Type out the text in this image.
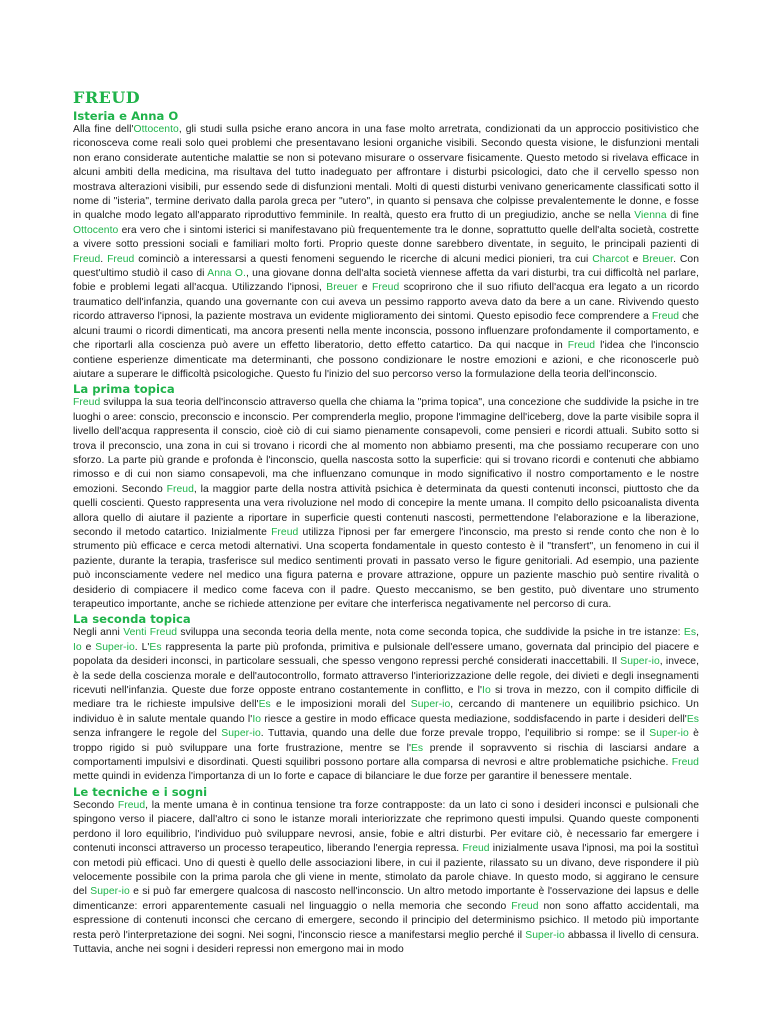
FREUD
Isteria e Anna O

Alla fine dell'Ottocento, gli studi sulla psiche erano ancora in una fase molto arretrata, condizionati da un approccio positivistico che riconosceva come reali solo quei problemi che presentavano lesioni organiche visibili. Secondo questa visione, le disfunzioni mentali non erano considerate autentiche malattie se non si potevano misurare o osservare fisicamente. Questo metodo si rivelava efficace in alcuni ambiti della medicina, ma risultava del tutto inadeguato per affrontare i disturbi psicologici, dato che il cervello spesso non mostrava alterazioni visibili, pur essendo sede di disfunzioni mentali. Molti di questi disturbi venivano genericamente classificati sotto il nome di "isteria", termine derivato dalla parola greca per "utero", in quanto si pensava che colpisse prevalentemente le donne, e fosse in qualche modo legato all'apparato riproduttivo femminile. In realtà, questo era frutto di un pregiudizio, anche se nella Vienna di fine Ottocento era vero che i sintomi isterici si manifestavano più frequentemente tra le donne, soprattutto quelle dell'alta società, costrette a vivere sotto pressioni sociali e familiari molto forti. Proprio queste donne sarebbero diventate, in seguito, le principali pazienti di Freud. Freud cominciò a interessarsi a questi fenomeni seguendo le ricerche di alcuni medici pionieri, tra cui Charcot e Breuer. Con quest'ultimo studiò il caso di Anna O., una giovane donna dell'alta società viennese affetta da vari disturbi, tra cui difficoltà nel parlare, fobie e problemi legati all'acqua. Utilizzando l'ipnosi, Breuer e Freud scoprirono che il suo rifiuto dell'acqua era legato a un ricordo traumatico dell'infanzia, quando una governante con cui aveva un pessimo rapporto aveva dato da bere a un cane. Rivivendo questo ricordo attraverso l'ipnosi, la paziente mostrava un evidente miglioramento dei sintomi. Questo episodio fece comprendere a Freud che alcuni traumi o ricordi dimenticati, ma ancora presenti nella mente inconscia, possono influenzare profondamente il comportamento, e che riportarli alla coscienza può avere un effetto liberatorio, detto effetto catartico. Da qui nacque in Freud l'idea che l'inconscio contiene esperienze dimenticate ma determinanti, che possono condizionare le nostre emozioni e azioni, e che riconoscerle può aiutare a superare le difficoltà psicologiche. Questo fu l'inizio del suo percorso verso la formulazione della teoria dell'inconscio.

La prima topica

Freud sviluppa la sua teoria dell'inconscio attraverso quella che chiama la "prima topica", una concezione che suddivide la psiche in tre luoghi o aree: conscio, preconscio e inconscio. Per comprenderla meglio, propone l'immagine dell'iceberg, dove la parte visibile sopra il livello dell'acqua rappresenta il conscio, cioè ciò di cui siamo pienamente consapevoli, come pensieri e ricordi attuali. Subito sotto si trova il preconscio, una zona in cui si trovano i ricordi che al momento non abbiamo presenti, ma che possiamo recuperare con uno sforzo. La parte più grande e profonda è l'inconscio, quella nascosta sotto la superficie: qui si trovano ricordi e contenuti che abbiamo rimosso e di cui non siamo consapevoli, ma che influenzano comunque in modo significativo il nostro comportamento e le nostre emozioni. Secondo Freud, la maggior parte della nostra attività psichica è determinata da questi contenuti inconsci, piuttosto che da quelli coscienti. Questo rappresenta una vera rivoluzione nel modo di concepire la mente umana. Il compito dello psicoanalista diventa allora quello di aiutare il paziente a riportare in superficie questi contenuti nascosti, permettendone l'elaborazione e la liberazione, secondo il metodo catartico. Inizialmente Freud utilizza l'ipnosi per far emergere l'inconscio, ma presto si rende conto che non è lo strumento più efficace e cerca metodi alternativi. Una scoperta fondamentale in questo contesto è il "transfert", un fenomeno in cui il paziente, durante la terapia, trasferisce sul medico sentimenti provati in passato verso le figure genitoriali. Ad esempio, una paziente può inconsciamente vedere nel medico una figura paterna e provare attrazione, oppure un paziente maschio può sentire rivalità o desiderio di compiacere il medico come faceva con il padre. Questo meccanismo, se ben gestito, può diventare uno strumento terapeutico importante, anche se richiede attenzione per evitare che interferisca negativamente nel percorso di cura.

La seconda topica

Negli anni Venti Freud sviluppa una seconda teoria della mente, nota come seconda topica, che suddivide la psiche in tre istanze: Es, Io e Super-io. L'Es rappresenta la parte più profonda, primitiva e pulsionale dell'essere umano, governata dal principio del piacere e popolata da desideri inconsci, in particolare sessuali, che spesso vengono repressi perché considerati inaccettabili. Il Super-io, invece, è la sede della coscienza morale e dell'autocontrollo, formato attraverso l'interiorizzazione delle regole, dei divieti e degli insegnamenti ricevuti nell'infanzia. Queste due forze opposte entrano costantemente in conflitto, e l'Io si trova in mezzo, con il compito difficile di mediare tra le richieste impulsive dell'Es e le imposizioni morali del Super-io, cercando di mantenere un equilibrio psichico. Un individuo è in salute mentale quando l'Io riesce a gestire in modo efficace questa mediazione, soddisfacendo in parte i desideri dell'Es senza infrangere le regole del Super-io. Tuttavia, quando una delle due forze prevale troppo, l'equilibrio si rompe: se il Super-io è troppo rigido si può sviluppare una forte frustrazione, mentre se l'Es prende il sopravvento si rischia di lasciarsi andare a comportamenti impulsivi e disordinati. Questi squilibri possono portare alla comparsa di nevrosi e altre problematiche psichiche. Freud mette quindi in evidenza l'importanza di un Io forte e capace di bilanciare le due forze per garantire il benessere mentale.

Le tecniche e i sogni

Secondo Freud, la mente umana è in continua tensione tra forze contrapposte: da un lato ci sono i desideri inconsci e pulsionali che spingono verso il piacere, dall'altro ci sono le istanze morali interiorizzate che reprimono questi impulsi. Quando queste componenti perdono il loro equilibrio, l'individuo può sviluppare nevrosi, ansie, fobie e altri disturbi. Per evitare ciò, è necessario far emergere i contenuti inconsci attraverso un processo terapeutico, liberando l'energia repressa. Freud inizialmente usava l'ipnosi, ma poi la sostituì con metodi più efficaci. Uno di questi è quello delle associazioni libere, in cui il paziente, rilassato su un divano, deve rispondere il più velocemente possibile con la prima parola che gli viene in mente, stimolato da parole chiave. In questo modo, si aggirano le censure del Super-io e si può far emergere qualcosa di nascosto nell'inconscio. Un altro metodo importante è l'osservazione dei lapsus e delle dimenticanze: errori apparentemente casuali nel linguaggio o nella memoria che secondo Freud non sono affatto accidentali, ma espressione di contenuti inconsci che cercano di emergere, secondo il principio del determinismo psichico. Il metodo più importante resta però l'interpretazione dei sogni. Nei sogni, l'inconscio riesce a manifestarsi meglio perché il Super-io abbassa il livello di censura. Tuttavia, anche nei sogni i desideri repressi non emergono mai in modo
